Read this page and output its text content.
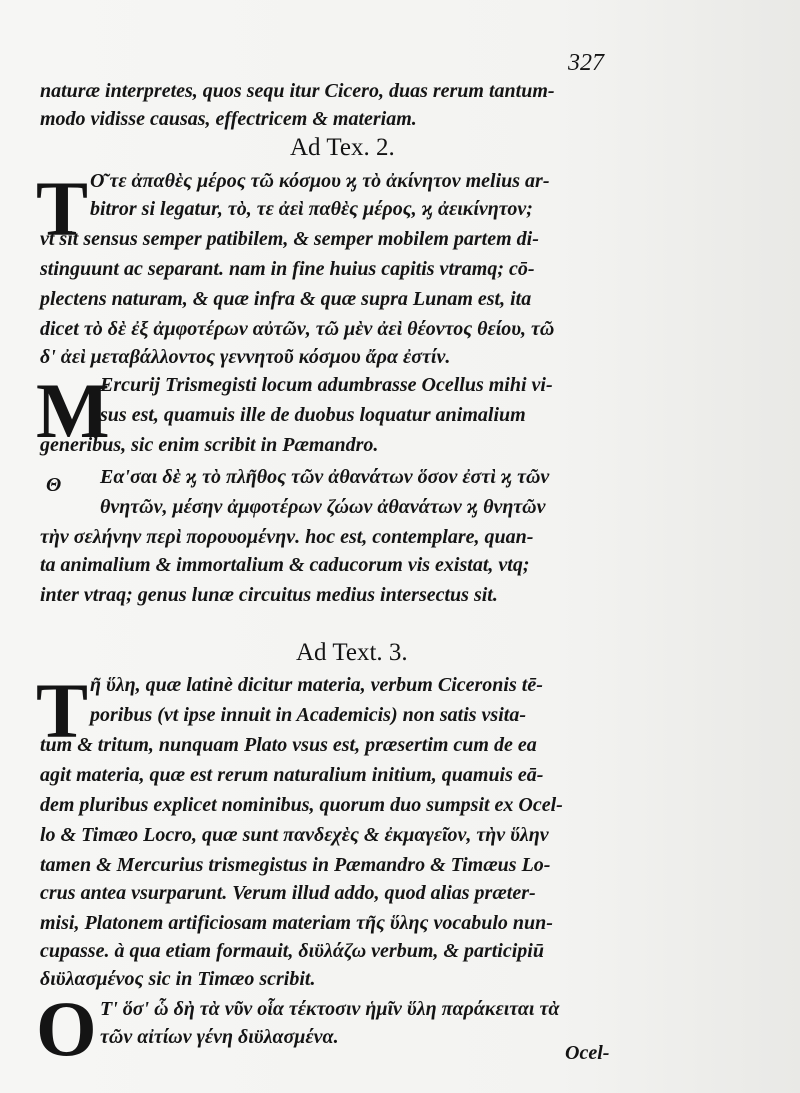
327
naturæ interpretes, quos sequ itur Cicero, duas rerum tantum-
modo vidisse causas, effectricem & materiam.
Ad Tex. 2.
T Ο͂ τε ἀπαθὲς μέρος τῶ κόσμου ϗ τὸ ἀκίνητον melius ar-
bitror si legatur, τὸ, τε ἀεὶ παθὲς μέρος, ϗ ἀεικίνητον;
vt sit sensus semper patibilem, & semper mobilem partem di-
stinguunt ac separant. nam in fine huius capitis vtramq; cō-
plectens naturam, & quæ infra & quæ supra Lunam est, ita
dicet τὸ δὲ ἐξ ἀμφοτέρων αὐτῶν, τῶ μὲν ἀεὶ θέοντος θείου, τῶ
δ' ἀεὶ μεταβάλλοντος γεννητοῦ κόσμου ἄρα ἐστίν.
M
Ercurij Trismegisti locum adumbrasse Ocellus mihi vi-
sus est, quamuis ille de duobus loquatur animalium
generibus, sic enim scribit in Pæmandro.
Θ Εα'σαι δὲ ϗ τὸ πλῆθος τῶν ἀθανάτων ὅσον ἐστὶ ϗ τῶν
θνητῶν, μέσην ἀμφοτέρων ζώων ἀθανάτων ϗ θνητῶν
τὴν σελήνην περὶ πορουομένην. hoc est, contemplare, quan-
ta animalium & immortalium & caducorum vis existat, vtq;
inter vtraq; genus lunæ circuitus medius intersectus sit.
Ad Text. 3.
T ῆ ὕλη, quæ latinè dicitur materia, verbum Ciceronis tē-
poribus (vt ipse innuit in Academicis) non satis vsita-
tum & tritum, nunquam Plato vsus est, præsertim cum de ea
agit materia, quæ est rerum naturalium initium, quamuis eā-
dem pluribus explicet nominibus, quorum duo sumpsit ex Ocel-
lo & Timæo Locro, quæ sunt πανδεχὲς & ἐκμαγεῖον, τὴν ὕλην
tamen & Mercurius trismegistus in Pæmandro & Timæus Lo-
crus antea vsurparunt. Verum illud addo, quod alias præter-
misi, Platonem artificiosam materiam τῆς ὕλης vocabulo nun-
cupasse. à qua etiam formauit, διϋλάζω verbum, & participiū
διϋλασμένος sic in Timæo scribit.
O Τ' ὅσ' ὧ δὴ τὰ νῦν οἷα τέκτοσιν ἡμῖν ὕλη παράκειται τὰ
τῶν αἰτίων γένη διϋλασμένα.
Ocel-
